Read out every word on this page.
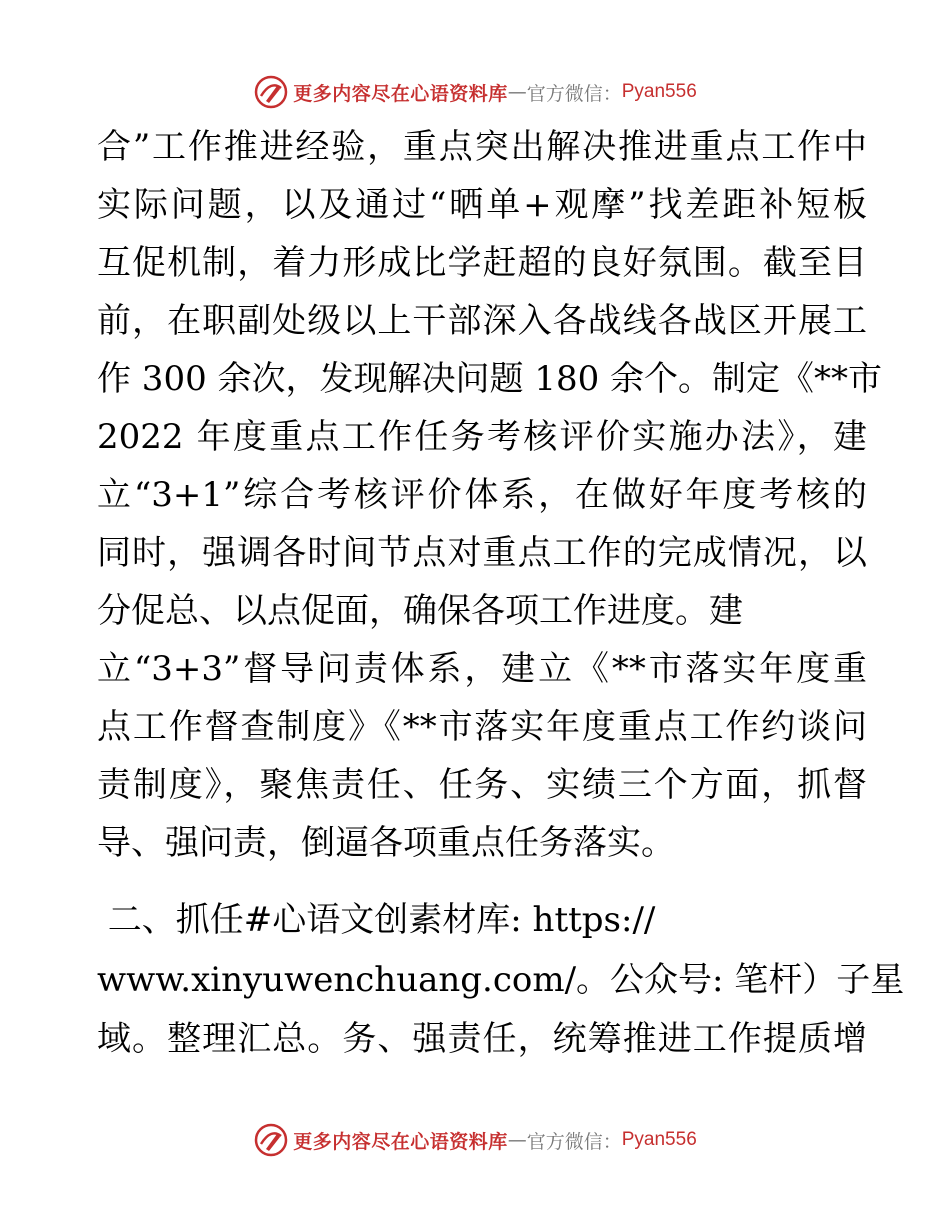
更多内容尽在心语资料库 — 官方微信： Pyan556
合”工作推进经验，重点突出解决推进重点工作中
实际问题，以及通过“晒单+观摩”找差距补短板
互促机制，着力形成比学赶超的良好氛围。截至目
前，在职副处级以上干部深入各战线各战区开展工
作 300 余次，发现解决问题 180 余个。制定《**市
2022 年度重点工作任务考核评价实施办法》，建
立“3+1”综合考核评价体系，在做好年度考核的
同时，强调各时间节点对重点工作的完成情况，以
分促总、以点促面，确保各项工作进度。建
立“3+3”督导问责体系，建立《**市落实年度重
点工作督查制度》《**市落实年度重点工作约谈问
责制度》，聚焦责任、任务、实绩三个方面，抓督
导、强问责，倒逼各项重点任务落实。
二、抓任#心语文创素材库: https://
www.xinyuwenchuang.com/。公众号: 笔杆）子星
域。整理汇总。务、强责任，统筹推进工作提质增
更多内容尽在心语资料库 — 官方微信： Pyan556
